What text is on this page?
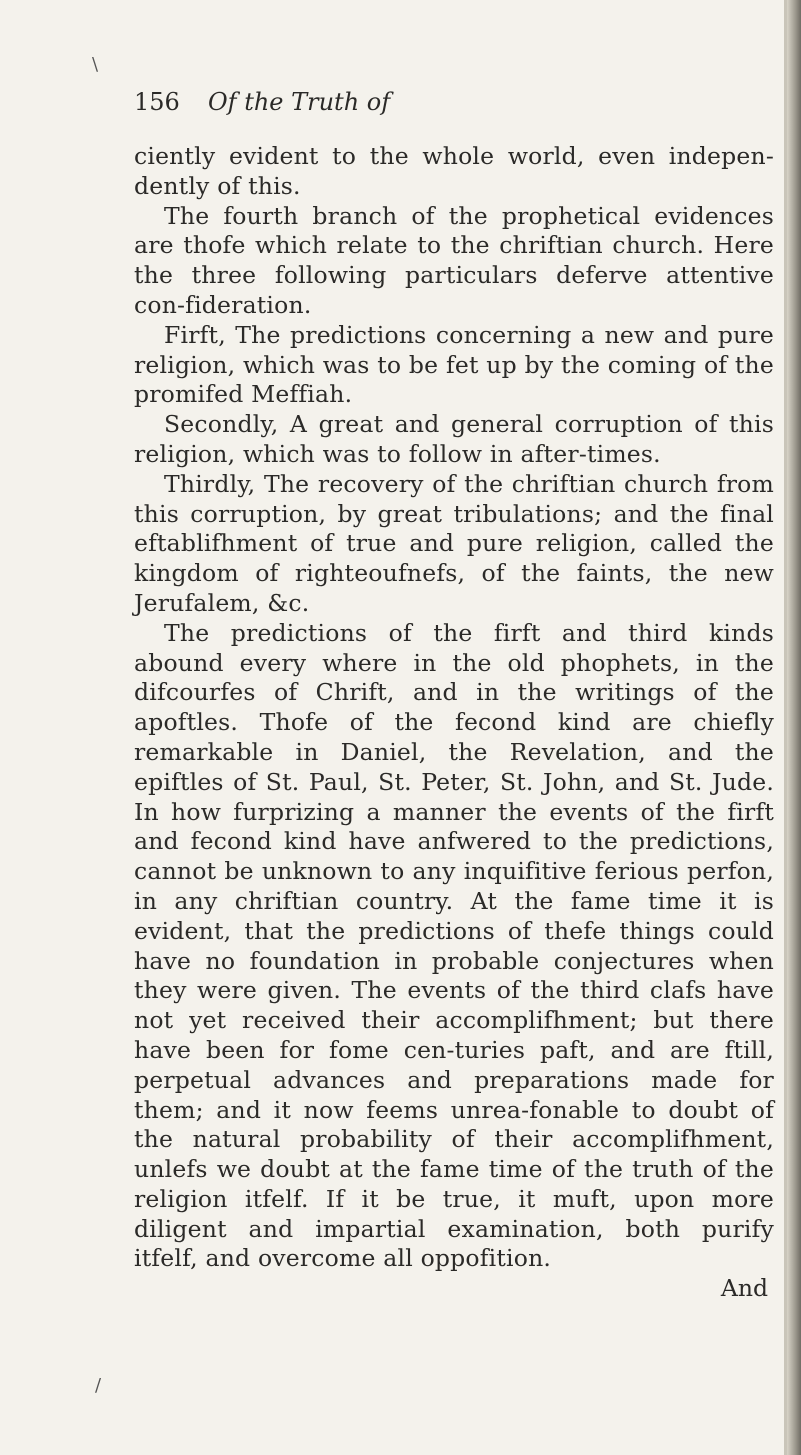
\
/
156 Of the Truth of

ciently evident to the whole world, even indepen-dently of this.

The fourth branch of the prophetical evidences are thofe which relate to the chriftian church. Here the three following particulars deferve attentive con-fideration.

Firft, The predictions concerning a new and pure religion, which was to be fet up by the coming of the promifed Meffiah.

Secondly, A great and general corruption of this religion, which was to follow in after-times.

Thirdly, The recovery of the chriftian church from this corruption, by great tribulations; and the final eftablifhment of true and pure religion, called the kingdom of righteoufnefs, of the faints, the new Jerufalem, &c.

The predictions of the firft and third kinds abound every where in the old phophets, in the difcourfes of Chrift, and in the writings of the apoftles. Thofe of the fecond kind are chiefly remarkable in Daniel, the Revelation, and the epiftles of St. Paul, St. Peter, St. John, and St. Jude. In how furprizing a manner the events of the firft and fecond kind have anfwered to the predictions, cannot be unknown to any inquifitive ferious perfon, in any chriftian country. At the fame time it is evident, that the predictions of thefe things could have no foundation in probable conjectures when they were given. The events of the third clafs have not yet received their accomplifhment; but there have been for fome cen-turies paft, and are ftill, perpetual advances and preparations made for them; and it now feems unrea-fonable to doubt of the natural probability of their accomplifhment, unlefs we doubt at the fame time of the truth of the religion itfelf. If it be true, it muft, upon more diligent and impartial examination, both purify itfelf, and overcome all oppofition.

And
